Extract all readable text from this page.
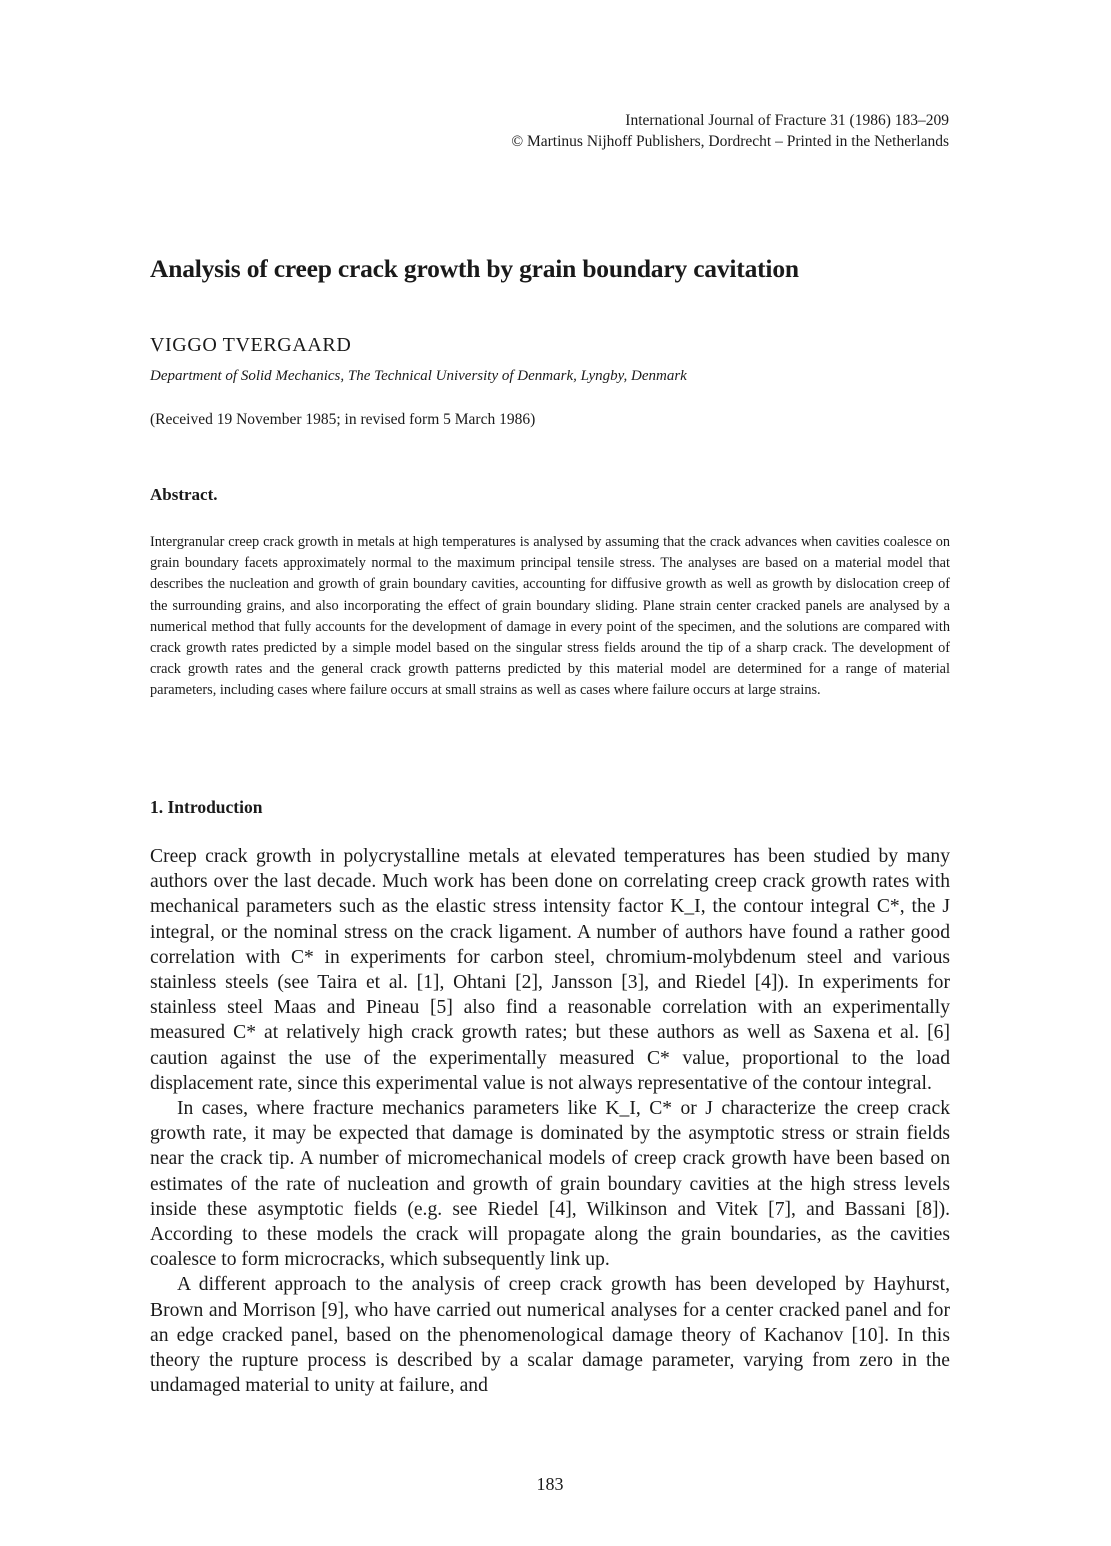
International Journal of Fracture 31 (1986) 183–209
© Martinus Nijhoff Publishers, Dordrecht – Printed in the Netherlands
Analysis of creep crack growth by grain boundary cavitation
VIGGO TVERGAARD
Department of Solid Mechanics, The Technical University of Denmark, Lyngby, Denmark
(Received 19 November 1985; in revised form 5 March 1986)
Abstract.

Intergranular creep crack growth in metals at high temperatures is analysed by assuming that the crack advances when cavities coalesce on grain boundary facets approximately normal to the maximum principal tensile stress. The analyses are based on a material model that describes the nucleation and growth of grain boundary cavities, accounting for diffusive growth as well as growth by dislocation creep of the surrounding grains, and also incorporating the effect of grain boundary sliding. Plane strain center cracked panels are analysed by a numerical method that fully accounts for the development of damage in every point of the specimen, and the solutions are compared with crack growth rates predicted by a simple model based on the singular stress fields around the tip of a sharp crack. The development of crack growth rates and the general crack growth patterns predicted by this material model are determined for a range of material parameters, including cases where failure occurs at small strains as well as cases where failure occurs at large strains.

1. Introduction

Creep crack growth in polycrystalline metals at elevated temperatures has been studied by many authors over the last decade. Much work has been done on correlating creep crack growth rates with mechanical parameters such as the elastic stress intensity factor K_I, the contour integral C*, the J integral, or the nominal stress on the crack ligament. A number of authors have found a rather good correlation with C* in experiments for carbon steel, chromium-molybdenum steel and various stainless steels (see Taira et al. [1], Ohtani [2], Jansson [3], and Riedel [4]). In experiments for stainless steel Maas and Pineau [5] also find a reasonable correlation with an experimentally measured C* at relatively high crack growth rates; but these authors as well as Saxena et al. [6] caution against the use of the experimentally measured C* value, proportional to the load displacement rate, since this experimental value is not always representative of the contour integral.

In cases, where fracture mechanics parameters like K_I, C* or J characterize the creep crack growth rate, it may be expected that damage is dominated by the asymptotic stress or strain fields near the crack tip. A number of micromechanical models of creep crack growth have been based on estimates of the rate of nucleation and growth of grain boundary cavities at the high stress levels inside these asymptotic fields (e.g. see Riedel [4], Wilkinson and Vitek [7], and Bassani [8]). According to these models the crack will propagate along the grain boundaries, as the cavities coalesce to form microcracks, which subsequently link up.

A different approach to the analysis of creep crack growth has been developed by Hayhurst, Brown and Morrison [9], who have carried out numerical analyses for a center cracked panel and for an edge cracked panel, based on the phenomenological damage theory of Kachanov [10]. In this theory the rupture process is described by a scalar damage parameter, varying from zero in the undamaged material to unity at failure, and

183
